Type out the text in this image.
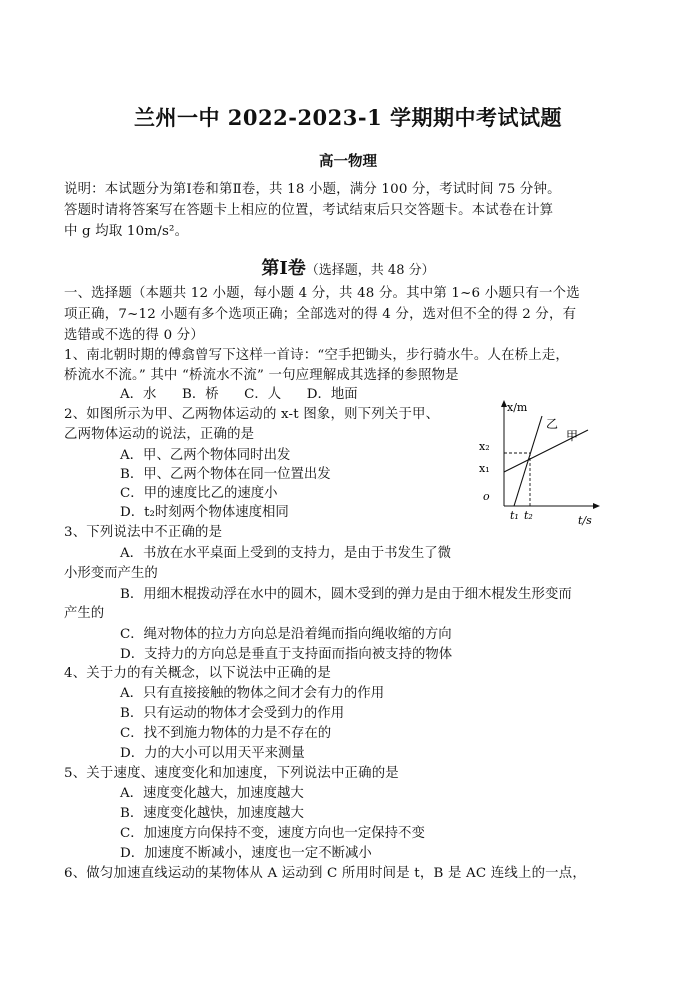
兰州一中 2022-2023-1 学期期中考试试题
高一物理
说明：本试题分为第Ⅰ卷和第Ⅱ卷，共 18 小题，满分 100 分，考试时间 75 分钟。
答题时请将答案写在答题卡上相应的位置，考试结束后只交答题卡。本试卷在计算
中 g 均取 10m/s²。
第Ⅰ卷（选择题，共 48 分）
一、选择题（本题共 12 小题，每小题 4 分，共 48 分。其中第 1~6 小题只有一个选
项正确，7~12 小题有多个选项正确；全部选对的得 4 分，选对但不全的得 2 分，有
选错或不选的得 0 分）
1、南北朝时期的傅翕曾写下这样一首诗：“空手把锄头，步行骑水牛。人在桥上走，
桥流水不流。” 其中 “桥流水不流” 一句应理解成其选择的参照物是
A．水      B．桥      C．人      D．地面
2、如图所示为甲、乙两物体运动的 x-t 图象，则下列关于甲、
乙两物体运动的说法，正确的是
A．甲、乙两个物体同时出发
B．甲、乙两个物体在同一位置出发
C．甲的速度比乙的速度小
D．t₂时刻两个物体速度相同
x/m
t/s
o
x₂
x₁
t₁ t₂
乙
甲
3、下列说法中不正确的是
A．书放在水平桌面上受到的支持力，是由于书发生了微
小形变而产生的
B．用细木棍拨动浮在水中的圆木，圆木受到的弹力是由于细木棍发生形变而
产生的
C．绳对物体的拉力方向总是沿着绳而指向绳收缩的方向
D．支持力的方向总是垂直于支持面而指向被支持的物体
4、关于力的有关概念，以下说法中正确的是
A．只有直接接触的物体之间才会有力的作用
B．只有运动的物体才会受到力的作用
C．找不到施力物体的力是不存在的
D．力的大小可以用天平来测量
5、关于速度、速度变化和加速度，下列说法中正确的是
A．速度变化越大，加速度越大
B．速度变化越快，加速度越大
C．加速度方向保持不变，速度方向也一定保持不变
D．加速度不断减小，速度也一定不断减小
6、做匀加速直线运动的某物体从 A 运动到 C 所用时间是 t，B 是 AC 连线上的一点，
